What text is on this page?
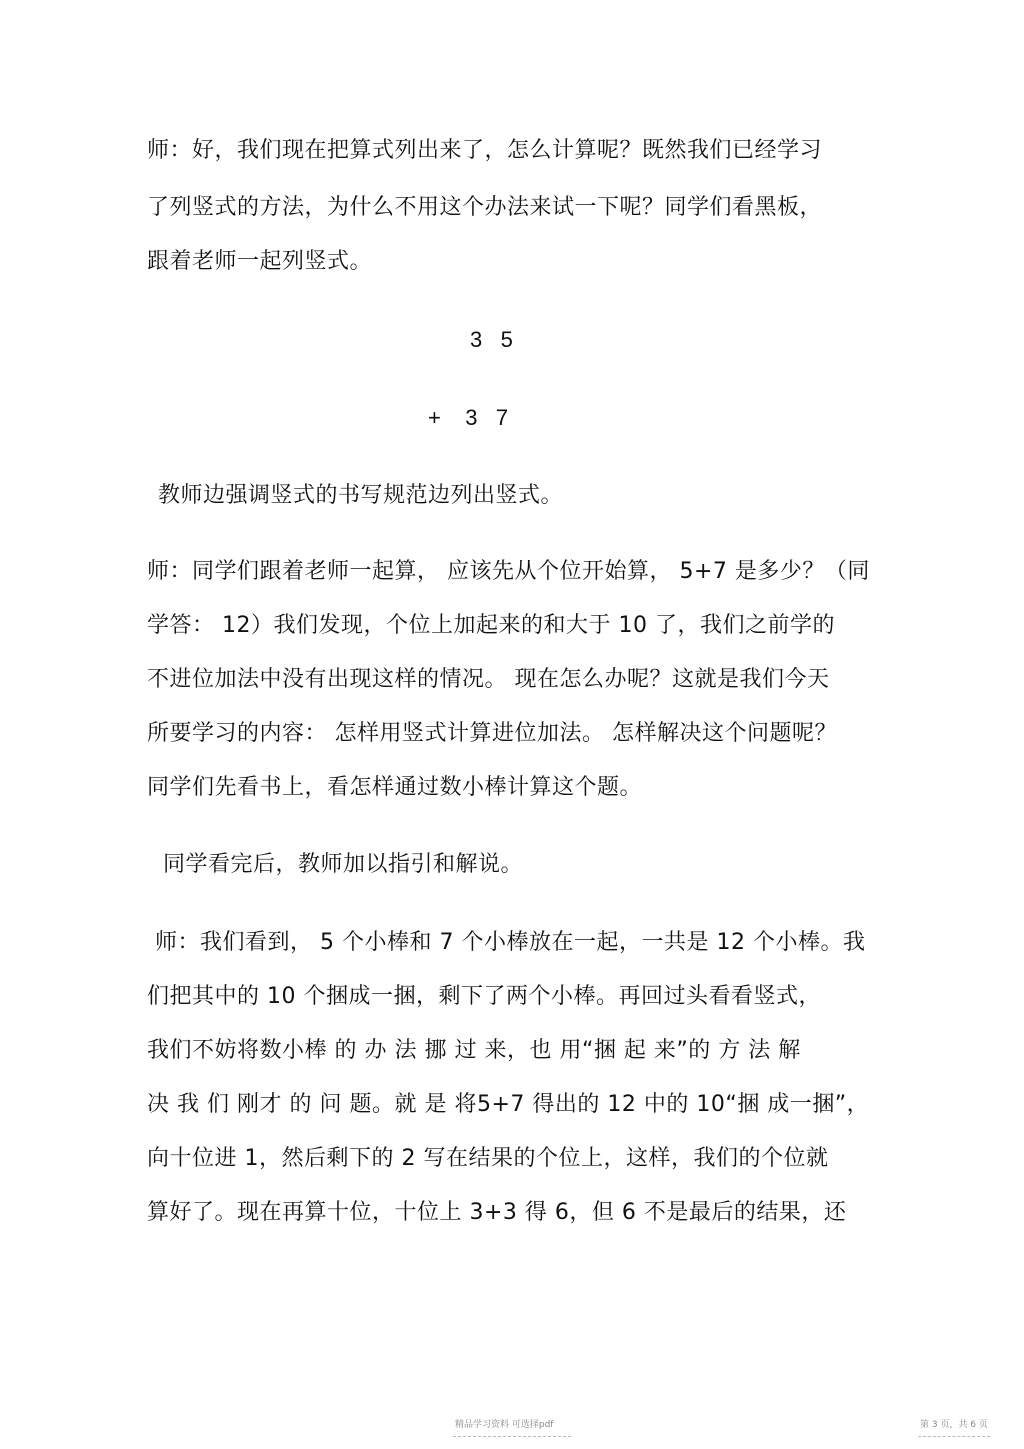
师：好，我们现在把算式列出来了，怎么计算呢？既然我们已经学习
了列竖式的方法，为什么不用这个办法来试一下呢？同学们看黑板，
跟着老师一起列竖式。
3   5
+    3   7
教师边强调竖式的书写规范边列出竖式。
师：同学们跟着老师一起算， 应该先从个位开始算， 5+7 是多少？（同
学答： 12）我们发现，个位上加起来的和大于 10 了，我们之前学的
不进位加法中没有出现这样的情况。 现在怎么办呢？这就是我们今天
所要学习的内容： 怎样用竖式计算进位加法。 怎样解决这个问题呢？
同学们先看书上，看怎样通过数小棒计算这个题。
同学看完后，教师加以指引和解说。
师：我们看到， 5 个小棒和 7 个小棒放在一起，一共是 12 个小棒。我
们把其中的 10 个捆成一捆，剩下了两个小棒。再回过头看看竖式，
我们不妨将数小棒 的 办 法 挪 过 来，也 用“捆 起 来”的 方 法 解
决 我 们 刚才 的 问 题。就 是 将5+7 得出的 12 中的 10“捆 成一捆”，
向十位进 1，然后剩下的 2 写在结果的个位上，这样，我们的个位就
算好了。现在再算十位，十位上 3+3 得 6，但 6 不是最后的结果，还
精品学习资料 可选择pdf	第 3 页，共 6 页
